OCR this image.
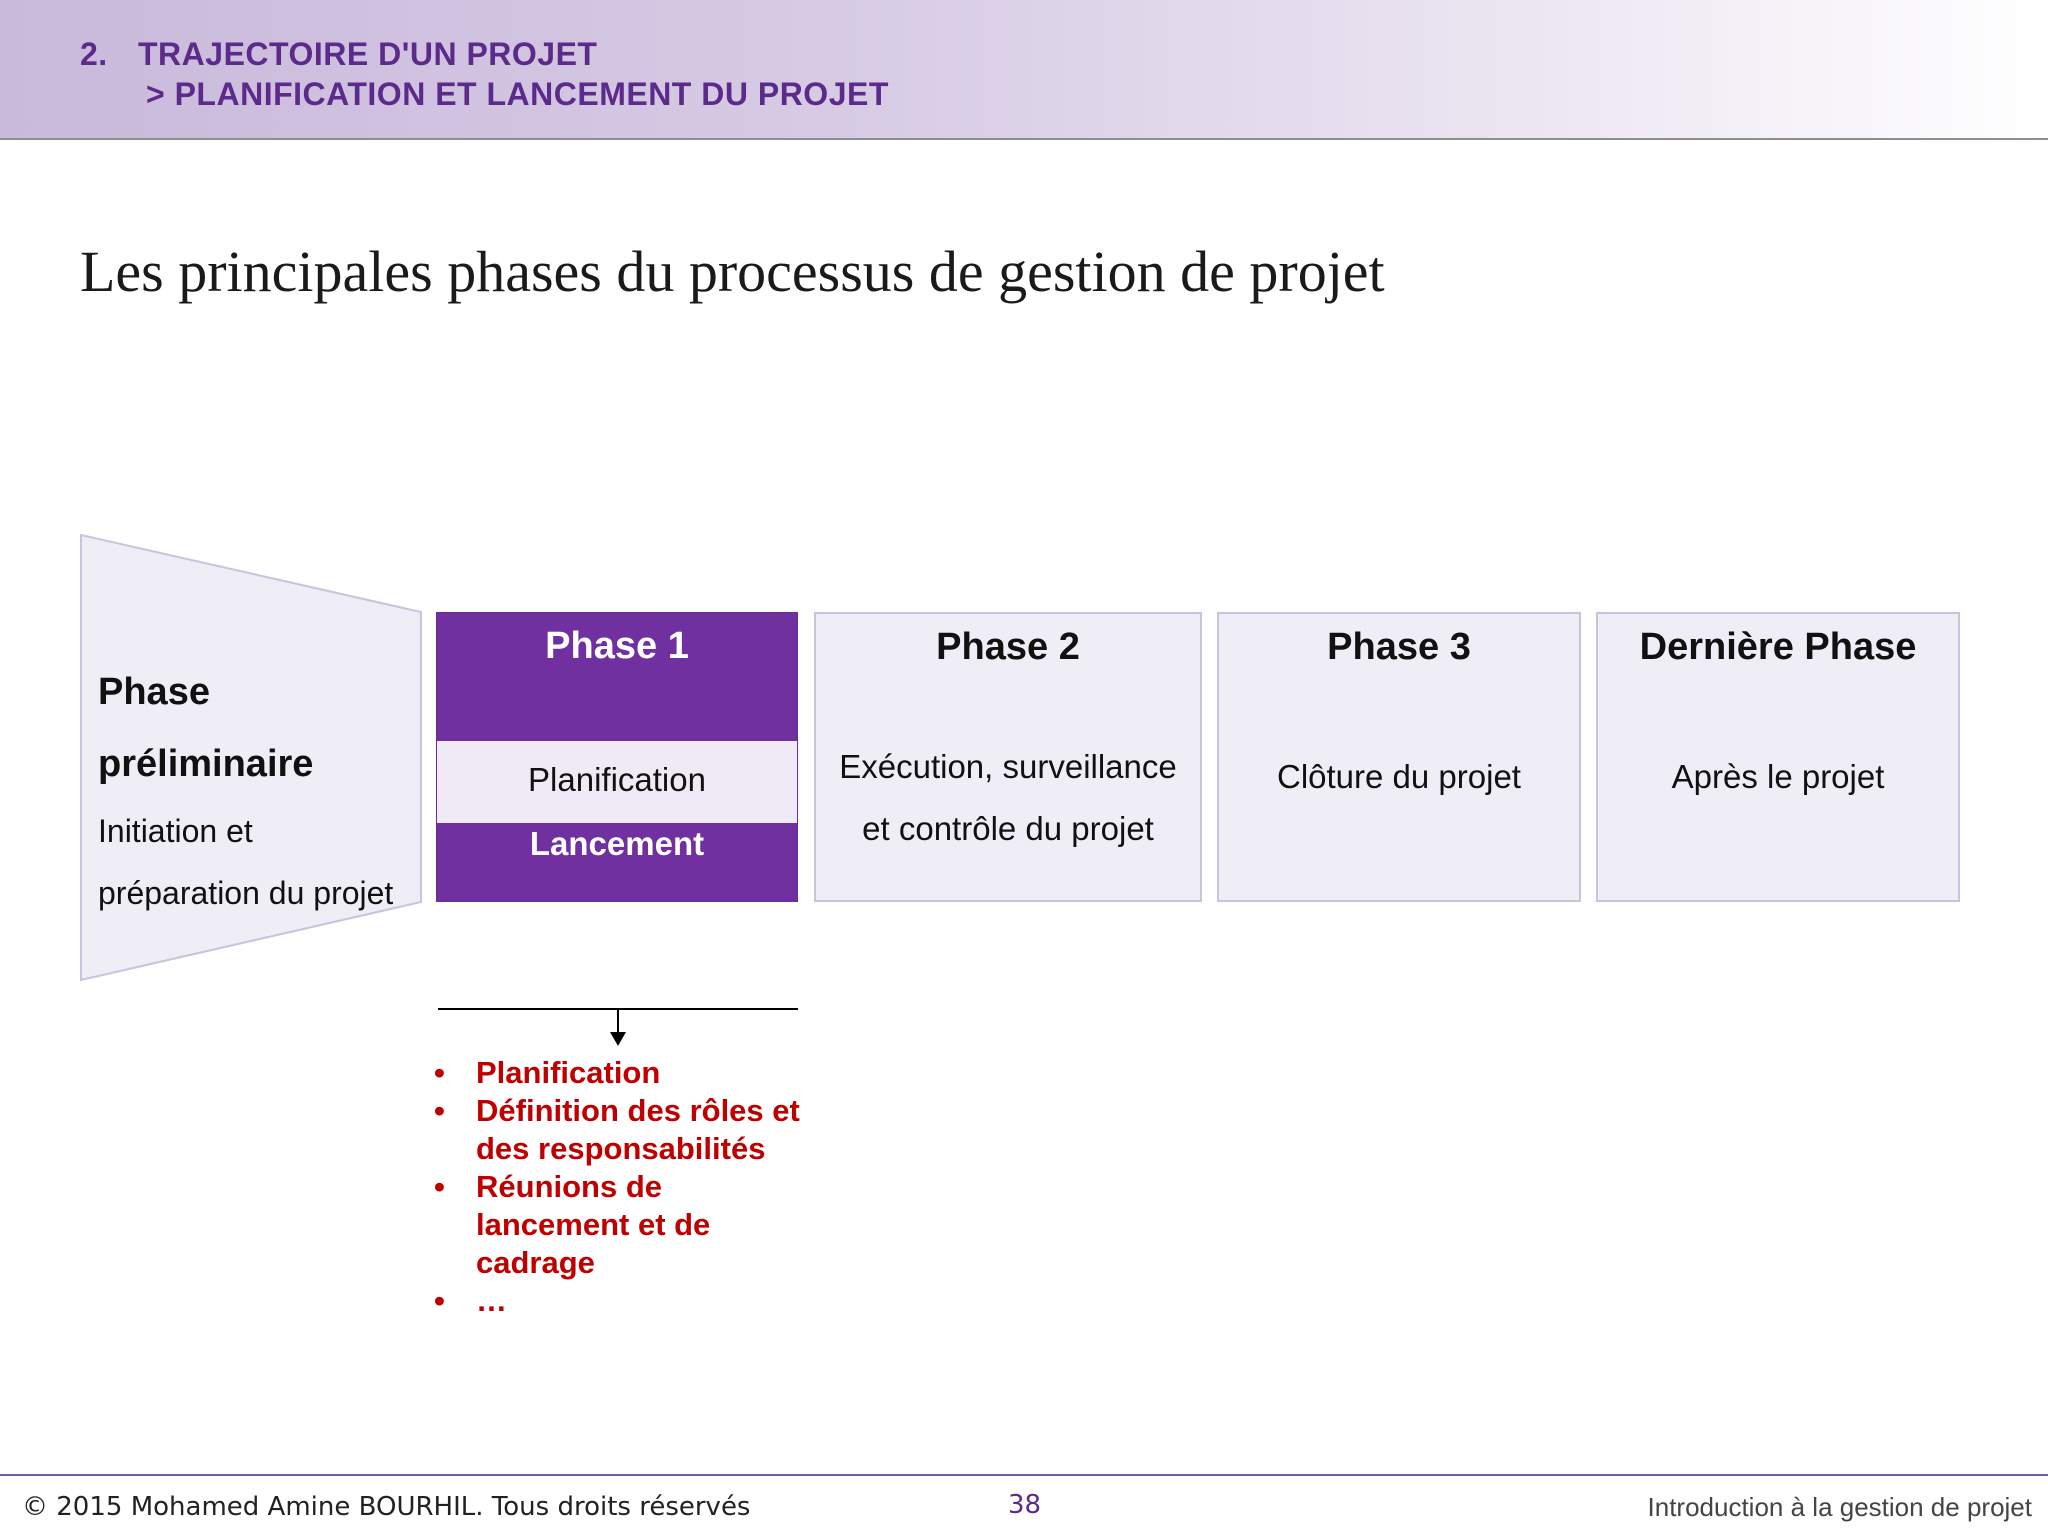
2. TRAJECTOIRE D'UN PROJET
> PLANIFICATION ET LANCEMENT DU PROJET
Les principales phases du processus de gestion de projet

Phase

préliminaire

Initiation et

préparation du projet

Phase 1
Planification
Lancement
Phase 2
Exécution, surveillance
et contrôle du projet
Phase 3
Clôture du projet
Dernière Phase
Après le projet
• Planification
• Définition des rôles et des responsabilités
• Réunions de lancement et de cadrage
• …
© 2015 Mohamed Amine BOURHIL. Tous droits réservés	38	Introduction à la gestion de projet
